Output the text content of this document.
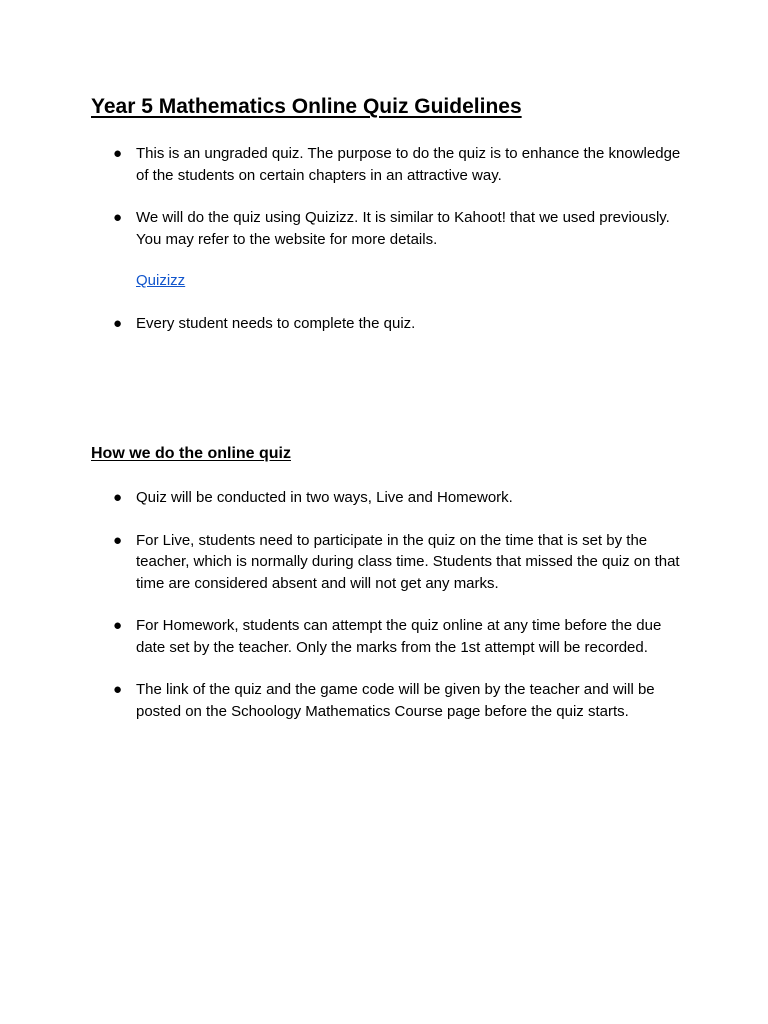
Year 5 Mathematics Online Quiz Guidelines
● This is an ungraded quiz. The purpose to do the quiz is to enhance the knowledge of the students on certain chapters in an attractive way.
● We will do the quiz using Quizizz. It is similar to Kahoot! that we used previously. You may refer to the website for more details.
Quizizz
● Every student needs to complete the quiz.
How we do the online quiz
● Quiz will be conducted in two ways, Live and Homework.
● For Live, students need to participate in the quiz on the time that is set by the teacher, which is normally during class time. Students that missed the quiz on that time are considered absent and will not get any marks.
● For Homework, students can attempt the quiz online at any time before the due date set by the teacher. Only the marks from the 1st attempt will be recorded.
● The link of the quiz and the game code will be given by the teacher and will be posted on the Schoology Mathematics Course page before the quiz starts.
